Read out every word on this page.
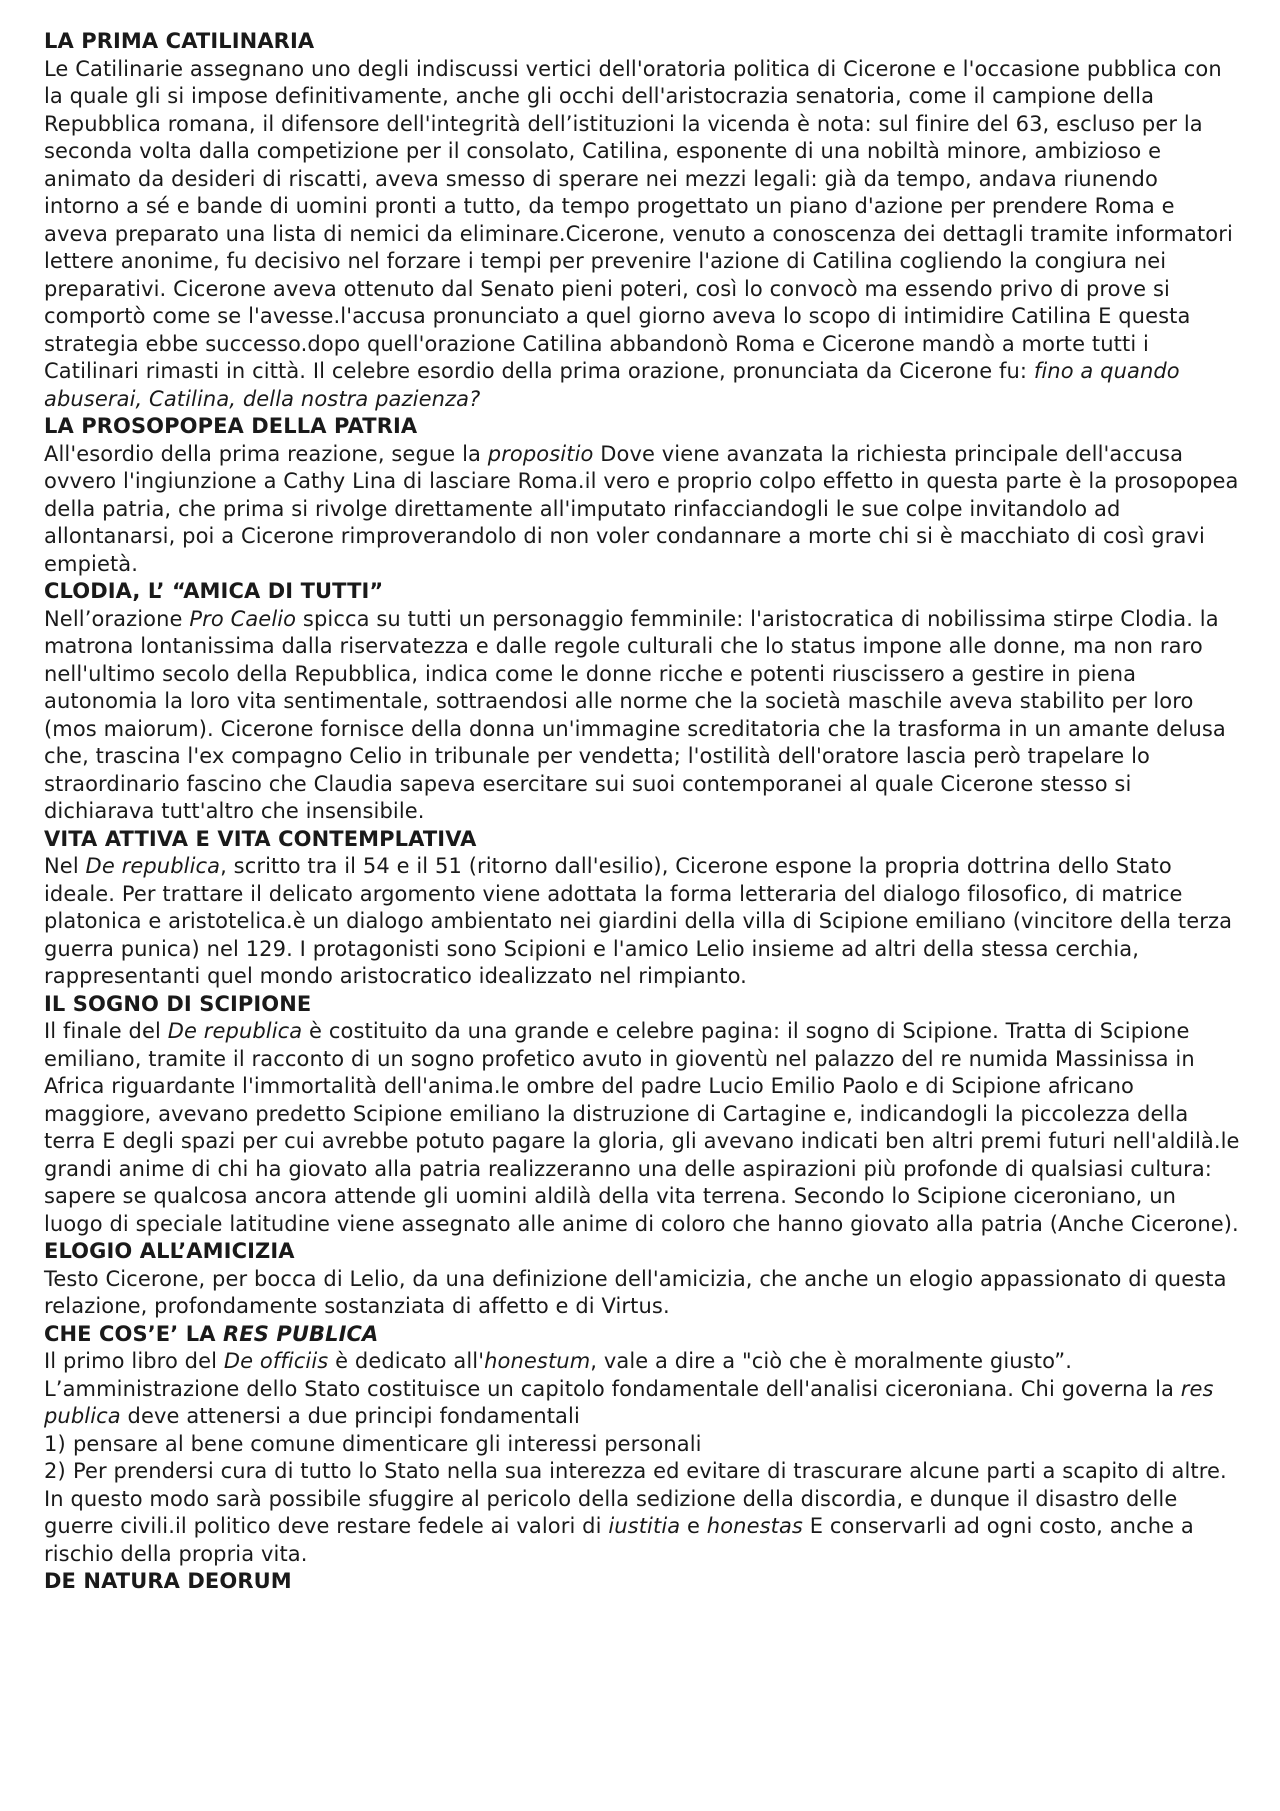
LA PRIMA CATILINARIA

Le Catilinarie assegnano uno degli indiscussi vertici dell'oratoria politica di Cicerone e l'occasione pubblica con la quale gli si impose definitivamente, anche gli occhi dell'aristocrazia senatoria, come il campione della Repubblica romana, il difensore dell'integrità dell’istituzioni la vicenda è nota: sul finire del 63, escluso per la seconda volta dalla competizione per il consolato, Catilina, esponente di una nobiltà minore, ambizioso e animato da desideri di riscatti, aveva smesso di sperare nei mezzi legali: già da tempo, andava riunendo intorno a sé e bande di uomini pronti a tutto, da tempo progettato un piano d'azione per prendere Roma e aveva preparato una lista di nemici da eliminare.Cicerone, venuto a conoscenza dei dettagli tramite informatori lettere anonime, fu decisivo nel forzare i tempi per prevenire l'azione di Catilina cogliendo la congiura nei preparativi. Cicerone aveva ottenuto dal Senato pieni poteri, così lo convocò ma essendo privo di prove si comportò come se l'avesse.l'accusa pronunciato a quel giorno aveva lo scopo di intimidire Catilina E questa strategia ebbe successo.dopo quell'orazione Catilina abbandonò Roma e Cicerone mandò a morte tutti i Catilinari rimasti in città. Il celebre esordio della prima orazione, pronunciata da Cicerone fu: fino a quando abuserai, Catilina, della nostra pazienza?

LA PROSOPOPEA DELLA PATRIA

All'esordio della prima reazione, segue la propositio Dove viene avanzata la richiesta principale dell'accusa ovvero l'ingiunzione a Cathy Lina di lasciare Roma.il vero e proprio colpo effetto in questa parte è la prosopopea della patria, che prima si rivolge direttamente all'imputato rinfacciandogli le sue colpe invitandolo ad allontanarsi, poi a Cicerone rimproverandolo di non voler condannare a morte chi si è macchiato di così gravi empietà.

CLODIA, L’ “AMICA DI TUTTI”

Nell’orazione Pro Caelio spicca su tutti un personaggio femminile: l'aristocratica di nobilissima stirpe Clodia. la matrona lontanissima dalla riservatezza e dalle regole culturali che lo status impone alle donne, ma non raro nell'ultimo secolo della Repubblica, indica come le donne ricche e potenti riuscissero a gestire in piena autonomia la loro vita sentimentale, sottraendosi alle norme che la società maschile aveva stabilito per loro (mos maiorum). Cicerone fornisce della donna un'immagine screditatoria che la trasforma in un amante delusa che, trascina l'ex compagno Celio in tribunale per vendetta; l'ostilità dell'oratore lascia però trapelare lo straordinario fascino che Claudia sapeva esercitare sui suoi contemporanei al quale Cicerone stesso si dichiarava tutt'altro che insensibile.

VITA ATTIVA E VITA CONTEMPLATIVA

Nel De republica, scritto tra il 54 e il 51 (ritorno dall'esilio), Cicerone espone la propria dottrina dello Stato ideale. Per trattare il delicato argomento viene adottata la forma letteraria del dialogo filosofico, di matrice platonica e aristotelica.è un dialogo ambientato nei giardini della villa di Scipione emiliano (vincitore della terza guerra punica) nel 129. I protagonisti sono Scipioni e l'amico Lelio insieme ad altri della stessa cerchia, rappresentanti quel mondo aristocratico idealizzato nel rimpianto.

IL SOGNO DI SCIPIONE

Il finale del De republica è costituito da una grande e celebre pagina: il sogno di Scipione. Tratta di Scipione emiliano, tramite il racconto di un sogno profetico avuto in gioventù nel palazzo del re numida Massinissa in Africa riguardante l'immortalità dell'anima.le ombre del padre Lucio Emilio Paolo e di Scipione africano maggiore, avevano predetto Scipione emiliano la distruzione di Cartagine e, indicandogli la piccolezza della terra E degli spazi per cui avrebbe potuto pagare la gloria, gli avevano indicati ben altri premi futuri nell'aldilà.le grandi anime di chi ha giovato alla patria realizzeranno una delle aspirazioni più profonde di qualsiasi cultura: sapere se qualcosa ancora attende gli uomini aldilà della vita terrena. Secondo lo Scipione ciceroniano, un luogo di speciale latitudine viene assegnato alle anime di coloro che hanno giovato alla patria (Anche Cicerone).

ELOGIO ALL’AMICIZIA

Testo Cicerone, per bocca di Lelio, da una definizione dell'amicizia, che anche un elogio appassionato di questa relazione, profondamente sostanziata di affetto e di Virtus.

CHE COS’E’ LA RES PUBLICA

Il primo libro del De officiis è dedicato all'honestum, vale a dire a "ciò che è moralmente giusto”. L’amministrazione dello Stato costituisce un capitolo fondamentale dell'analisi ciceroniana. Chi governa la res publica deve attenersi a due principi fondamentali

1) pensare al bene comune dimenticare gli interessi personali
2) Per prendersi cura di tutto lo Stato nella sua interezza ed evitare di trascurare alcune parti a scapito di altre.

In questo modo sarà possibile sfuggire al pericolo della sedizione della discordia, e dunque il disastro delle guerre civili.il politico deve restare fedele ai valori di iustitia e honestas E conservarli ad ogni costo, anche a rischio della propria vita.

DE NATURA DEORUM
